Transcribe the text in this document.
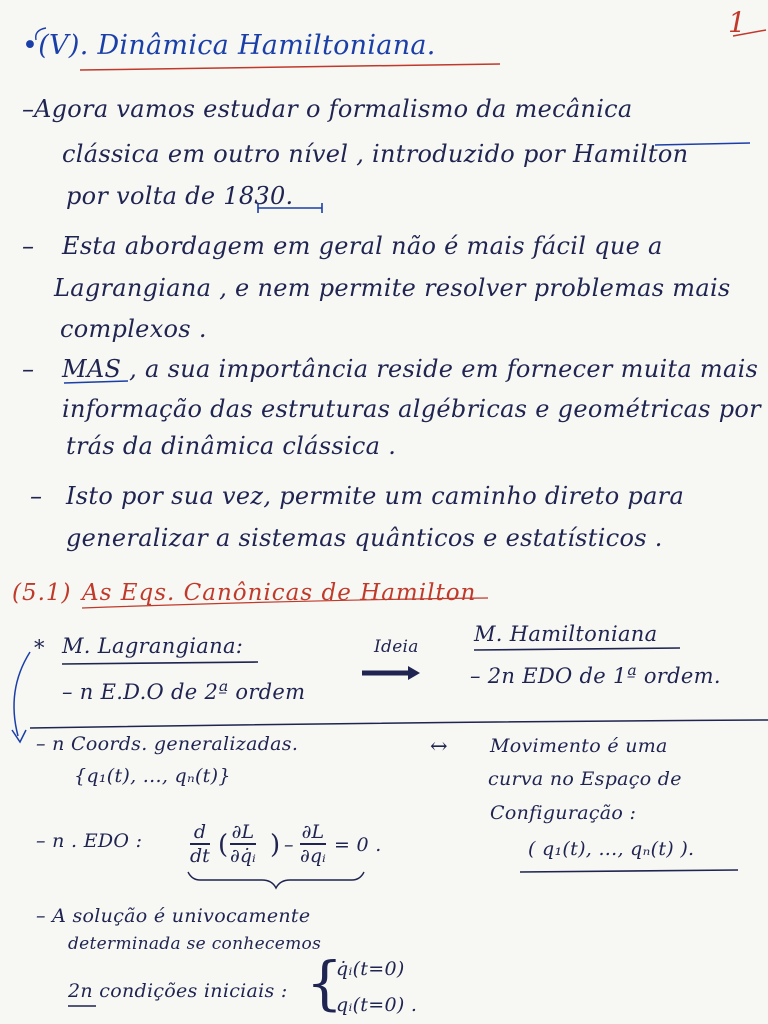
1
•(V). Dinâmica Hamiltoniana.
Agora vamos estudar o formalismo da mecânica
–
clássica em outro nível , introduzido por Hamilton
por volta de 1830.
– Esta abordagem em geral não é mais fácil que a
Lagrangiana , e nem permite resolver problemas mais
complexos .
– MAS , a sua importância reside em fornecer muita mais
informação das estruturas algébricas e geométricas por
trás da dinâmica clássica .
– Isto por sua vez, permite um caminho direto para
generalizar a sistemas quânticos e estatísticos .
(5.1) As Eqs. Canônicas de Hamilton
* M. Lagrangiana:
– n E.D.O de 2ª ordem
Ideia
M. Hamiltoniana
– 2n EDO de 1ª ordem.
– n Coords. generalizadas.
{q₁(t), ..., qₙ(t)}
↔ Movimento é uma
curva no Espaço de
Configuração :
( q₁(t), ..., qₙ(t) ).
– n . EDO :	d
dt ( ∂L
∂q̇ᵢ ) –
∂L
∂qᵢ = 0 .
– A solução é univocamente
determinada se conhecemos
2n condições iniciais : {
q̇ᵢ(t=0)
qᵢ(t=0) .
